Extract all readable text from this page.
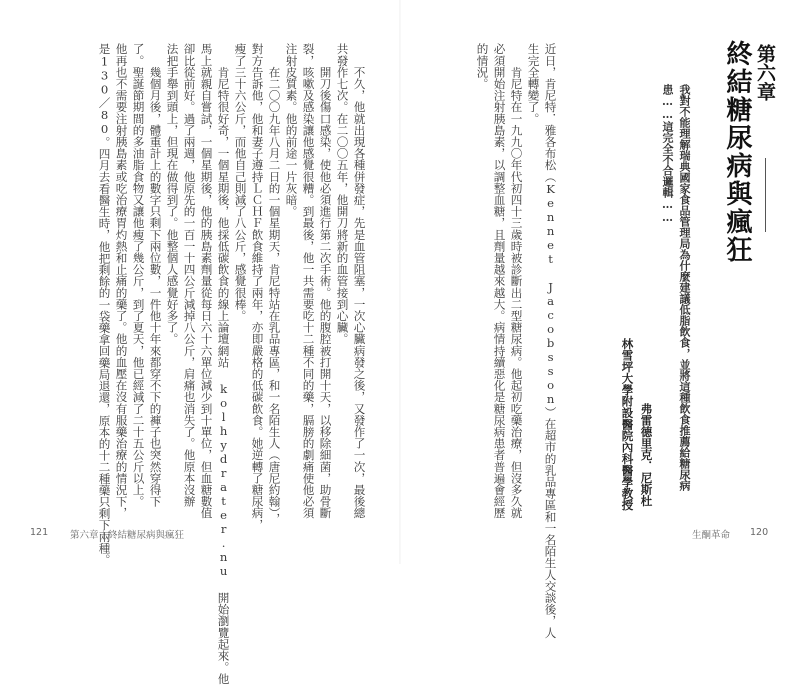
　　不久，他就出現各種併發症，先是血管阻塞，一次心臟病發之後，又發作了一次，最後總
共發作七次。在二〇〇五年，他開刀將新的血管接到心臟。
　　開刀後傷口感染，使他必須進行第二次手術。他的腹腔被打開十天，以移除細菌，助骨斷
裂，咳嗽及感染讓他感覺很糟。到最後，他一共需要吃十二種不同的藥，膈膀的劇痛使他必須
注射皮質素。他的前途一片灰暗。
　　在二〇〇九年八月二日的一個星期天，肯尼特站在乳品專區，和一名陌生人（唐尼約翰），
對方告訴他，他和妻子遵持ＬＣＨＦ飲食維持了兩年，亦即嚴格的低碳飲食。她逆轉了糖尿病，
瘦了三十六公斤，而他自己則減了八公斤，感覺很棒。
　　肯尼特很好奇，一個星期後，他採低碳飲食的線上論壇網站 kolhydrater.nu 開始瀏覽起來。他
馬上就親自嘗試，一個星期後，他的胰島素劑量從每日六十六單位減少到十單位，但血糖數值
卻比從前好。過了兩週，他原先的一百一十四公斤減掉八公斤，肩痛也消失了。他原本沒辦
法把手舉到頭上，但現在做得到了。他整個人感覺好多了。
　　幾個月後，體重計上的數字只剩下兩位數，一件他十年來都穿不下的褲子也突然穿得下
了。聖誕節期間的多油脂食物又讓他瘦了幾公斤，到了夏天，他已經減了二十五公斤以上。
他再也不需要注射胰島素或吃治療胃灼熱和止痛的藥了。他的血壓在沒有服藥治療的情況下，
是130／80。四月去看醫生時，他把剩餘的一袋藥拿回藥局退還，原本的十二種藥只剩下兩種。
121 第六章｜終結糖尿病與瘋狂
第六章
終結糖尿病與瘋狂
我對不能理解瑞典國家食品管理局為什麼建議低脂飲食，並將這種飲食推薦給糖尿病
患……這完全不合邏輯……
弗雷德里克．尼斯杜
林雪坪大學附設醫院內科醫學教授
近日，肯尼特．雅各布松（Kennet Jacobsson）在超市的乳品專區和一名陌生人交談後，人
生完全轉變了。
　　肯尼特在一九九〇年代初四十三歲時被診斷出二型糖尿病。他起初吃藥治療，但沒多久就
必須開始注射胰島素，以調整血糖，且劑量越來越大。病情持續惡化是糖尿病患者普遍會經歷
的情況。
生酮革命 120
